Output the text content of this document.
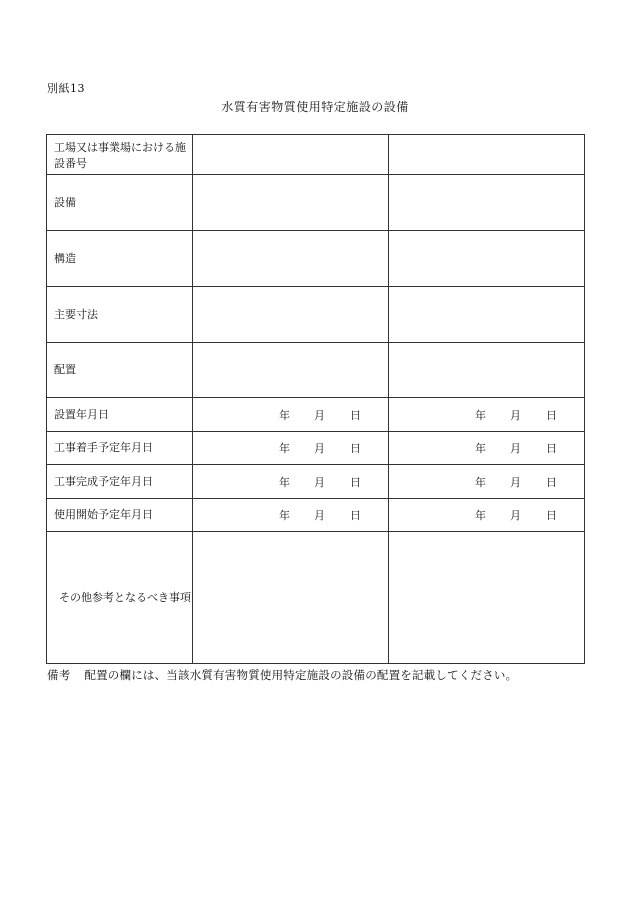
別紙13
水質有害物質使用特定施設の設備
工場又は事業場における施設番号		
設備		
構造		
主要寸法		
配置		
設置年月日	年 月 日	年 月 日

工事着手予定年月日	年 月 日	年 月 日

工事完成予定年月日	年 月 日	年 月 日

使用開始予定年月日	年 月 日	年 月 日

その他参考となるべき事項		
備考 配置の欄には、当該水質有害物質使用特定施設の設備の配置を記載してください。
